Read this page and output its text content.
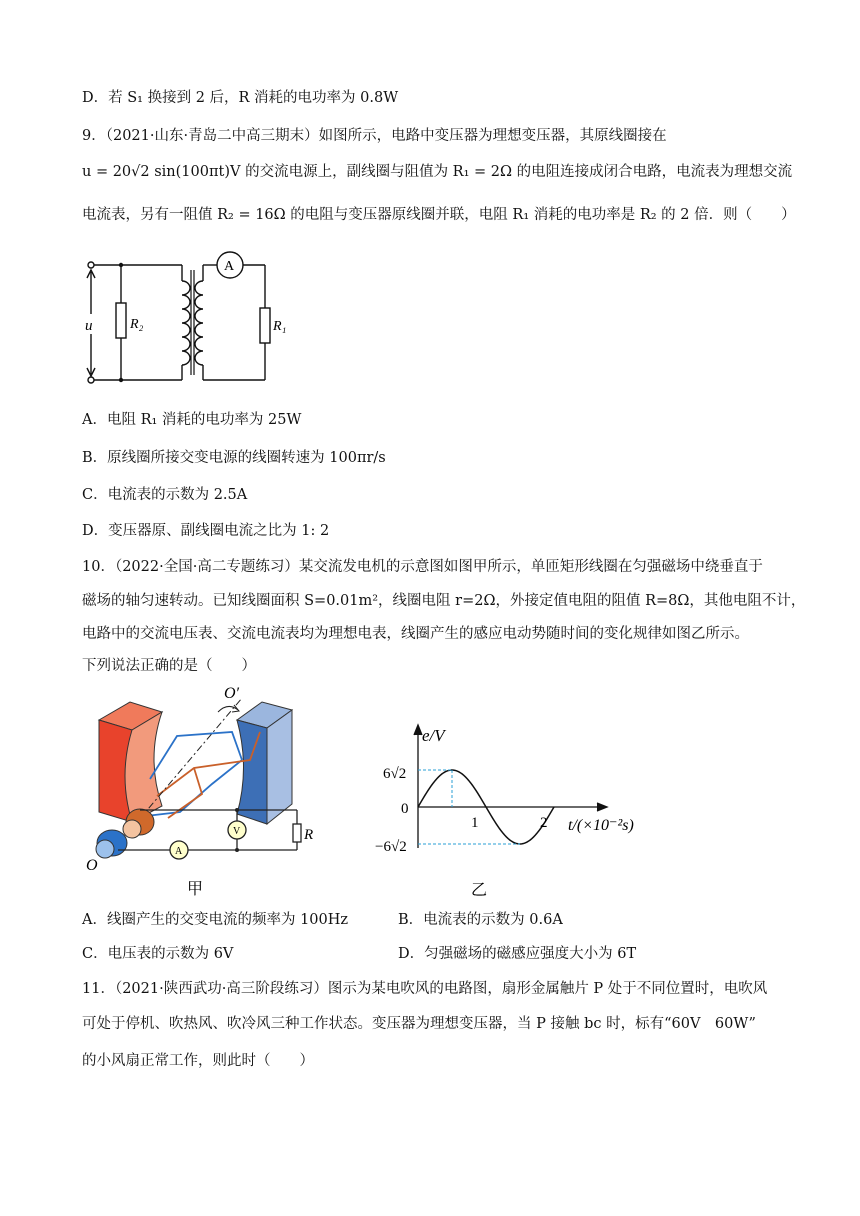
D．若 S₁ 换接到 2 后，R 消耗的电功率为 0.8W
9．（2021·山东·青岛二中高三期末）如图所示，电路中变压器为理想变压器，其原线圈接在
u = 20√2 sin(100πt)V 的交流电源上，副线圈与阻值为 R₁ = 2Ω 的电阻连接成闭合电路，电流表为理想交流
电流表，另有一阻值 R₂ = 16Ω 的电阻与变压器原线圈并联，电阻 R₁ 消耗的电功率是 R₂ 的 2 倍．则（　　）
u	R₂	R₁
A
A．电阻 R₁ 消耗的电功率为 25W
B．原线圈所接交变电源的线圈转速为 100πr/s
C．电流表的示数为 2.5A
D．变压器原、副线圈电流之比为 1: 2
10．（2022·全国·高二专题练习）某交流发电机的示意图如图甲所示，单匝矩形线圈在匀强磁场中绕垂直于
磁场的轴匀速转动。已知线圈面积 S=0.01m²，线圈电阻 r=2Ω，外接定值电阻的阻值 R=8Ω，其他电阻不计，
电路中的交流电压表、交流电流表均为理想电表，线圈产生的感应电动势随时间的变化规律如图乙所示。
下列说法正确的是（　　）
A
V	R
O′
O
甲
e/V
t/(×10⁻²s)
0
6√2
−6√2
1	2
乙
A．线圈产生的交变电流的频率为 100Hz	B．电流表的示数为 0.6A
C．电压表的示数为 6V	D．匀强磁场的磁感应强度大小为 6T
11．（2021·陕西武功·高三阶段练习）图示为某电吹风的电路图，扇形金属触片 P 处于不同位置时，电吹风
可处于停机、吹热风、吹冷风三种工作状态。变压器为理想变压器，当 P 接触 bc 时，标有“60V　60W”
的小风扇正常工作，则此时（　　）
